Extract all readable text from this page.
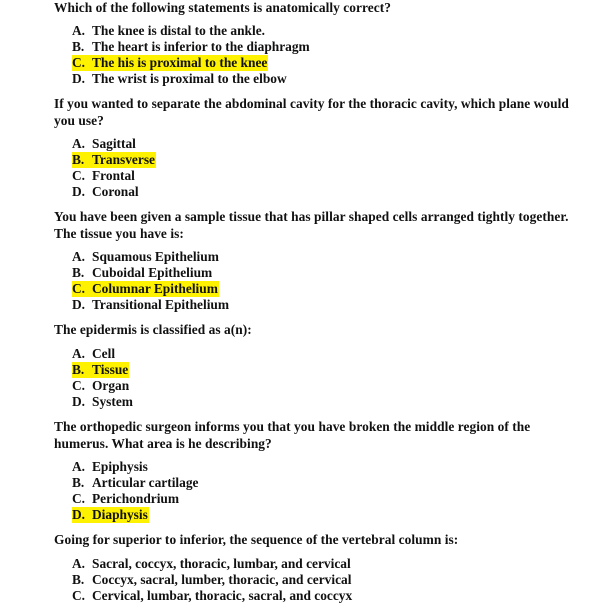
Which of the following statements is anatomically correct?
A. The knee is distal to the ankle.
B. The heart is inferior to the diaphragm
C. The his is proximal to the knee
D. The wrist is proximal to the elbow
If you wanted to separate the abdominal cavity for the thoracic cavity, which plane would you use?
A. Sagittal
B. Transverse
C. Frontal
D. Coronal
You have been given a sample tissue that has pillar shaped cells arranged tightly together. The tissue you have is:
A. Squamous Epithelium
B. Cuboidal Epithelium
C. Columnar Epithelium
D. Transitional Epithelium
The epidermis is classified as a(n):
A. Cell
B. Tissue
C. Organ
D. System
The orthopedic surgeon informs you that you have broken the middle region of the humerus. What area is he describing?
A. Epiphysis
B. Articular cartilage
C. Perichondrium
D. Diaphysis
Going for superior to inferior, the sequence of the vertebral column is:
A. Sacral, coccyx, thoracic, lumbar, and cervical
B. Coccyx, sacral, lumber, thoracic, and cervical
C. Cervical, lumbar, thoracic, sacral, and coccyx
